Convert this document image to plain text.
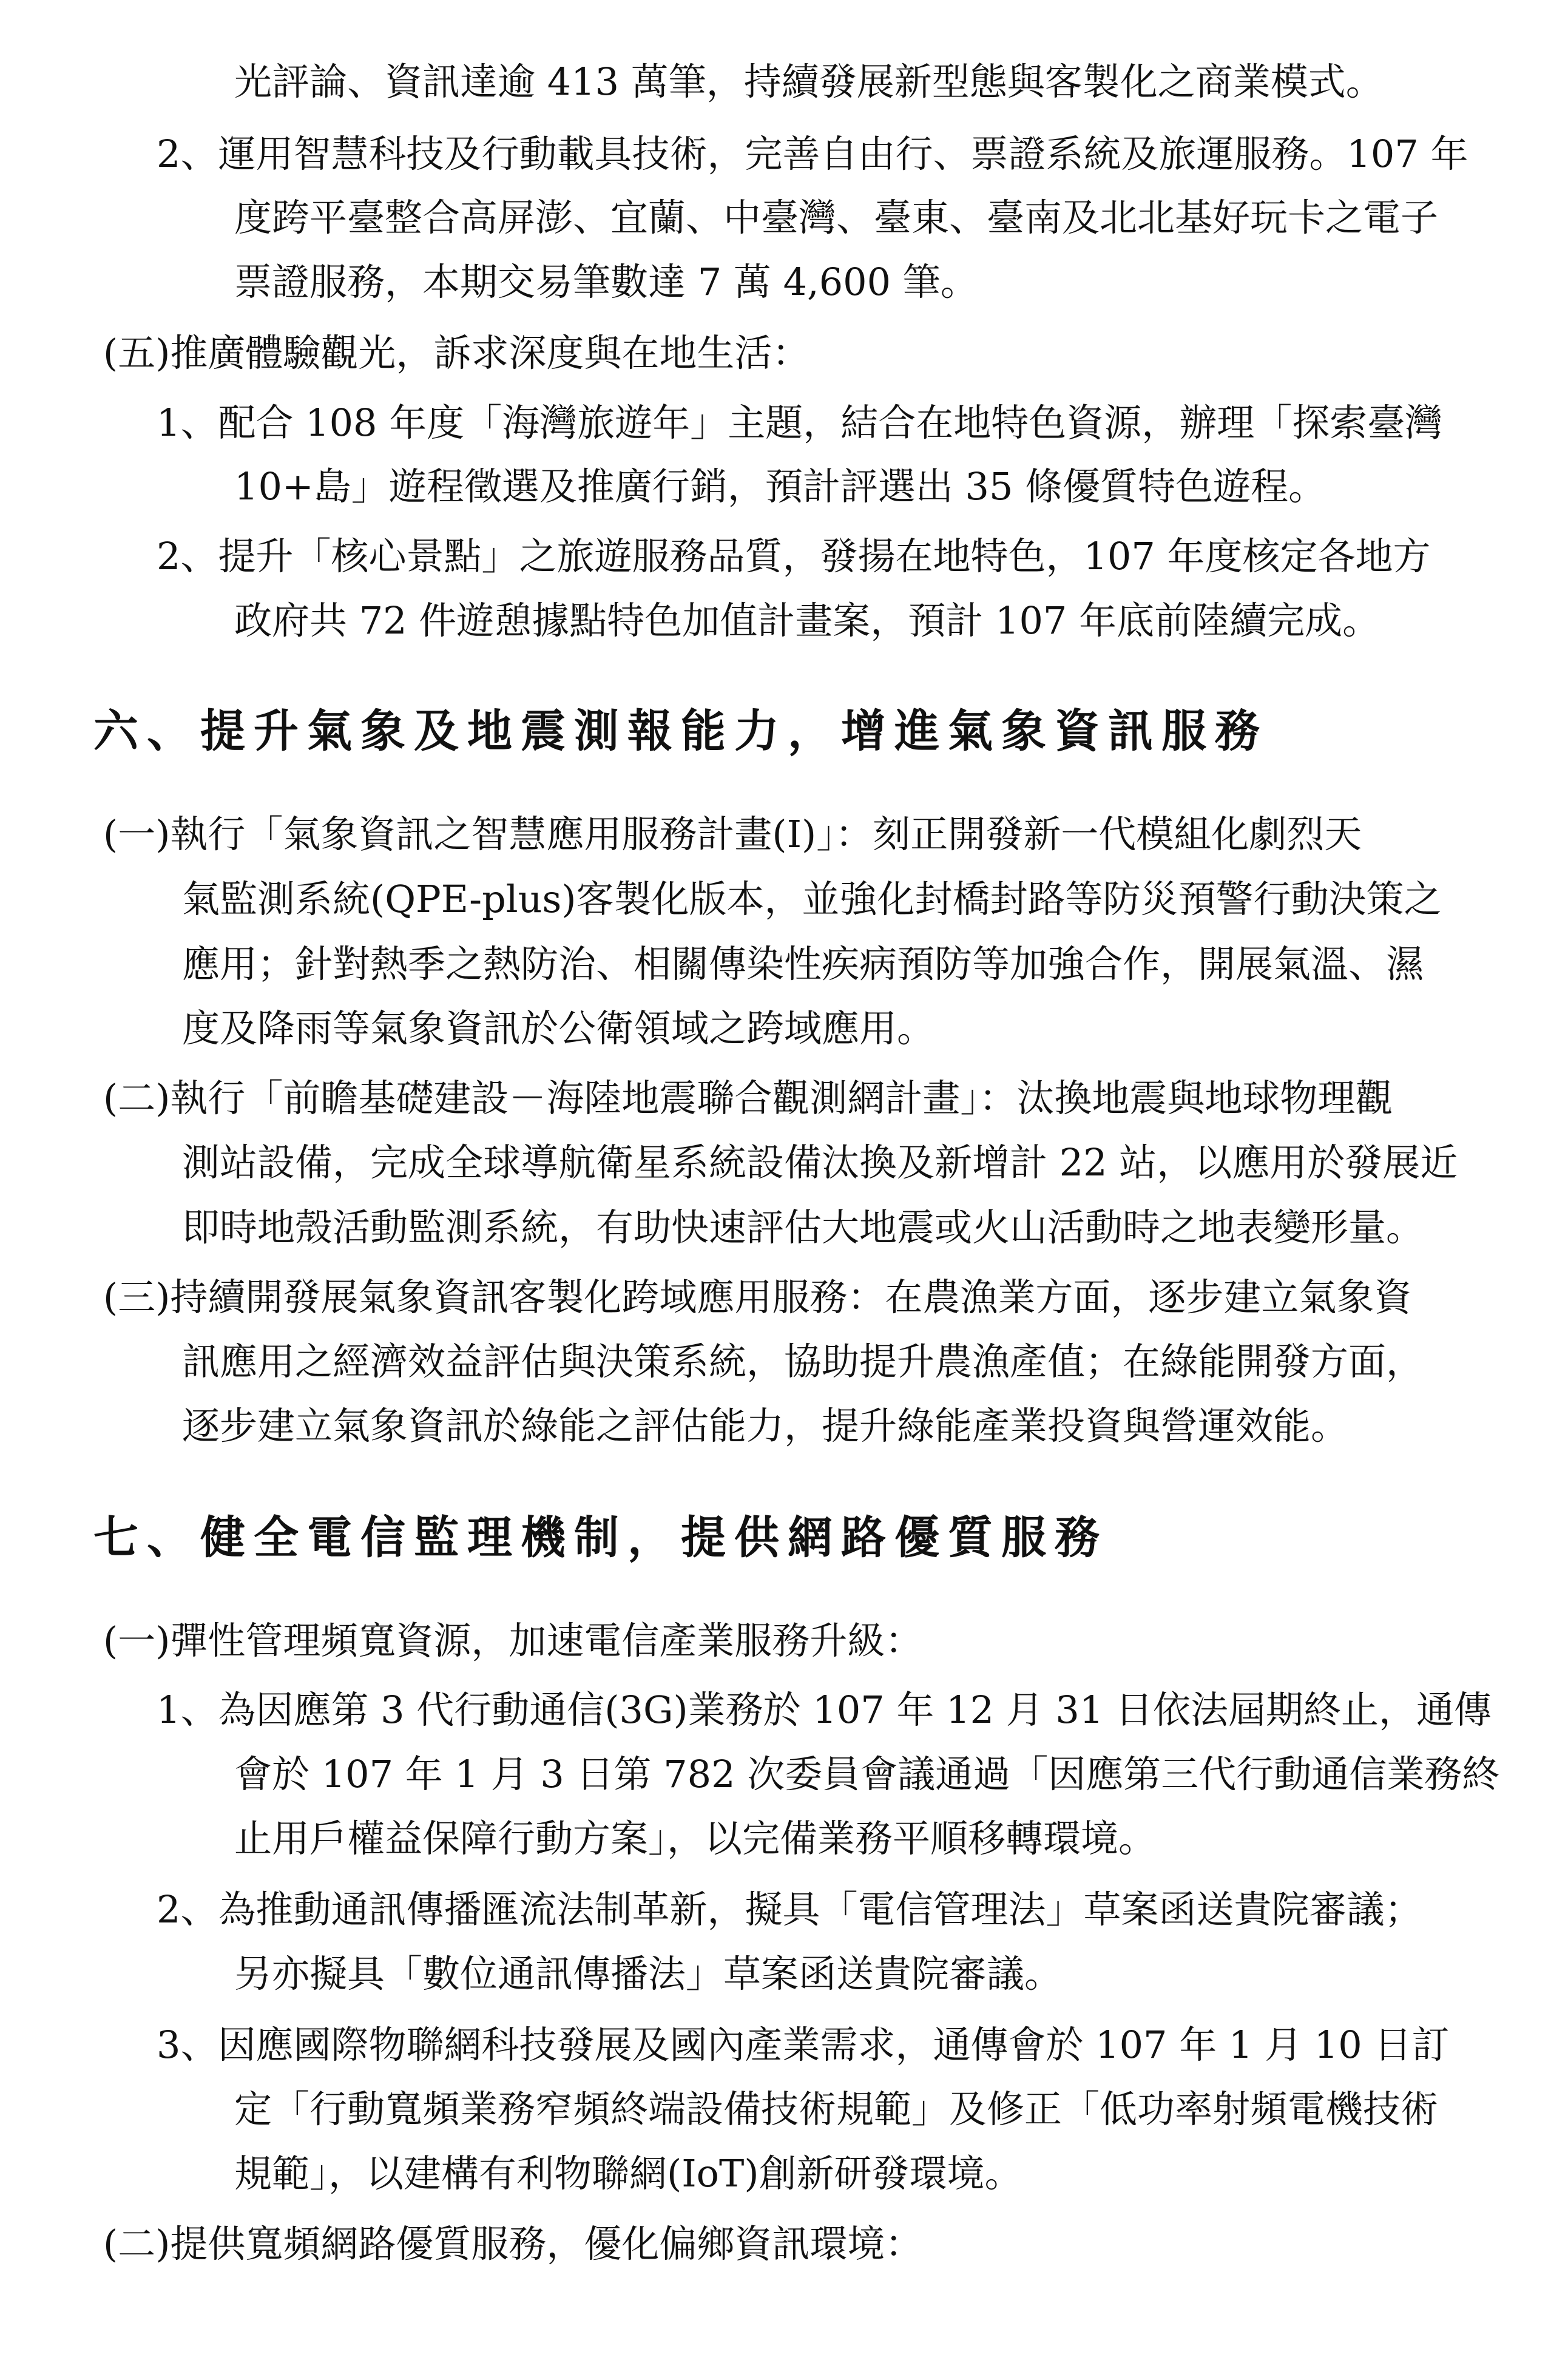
光評論、資訊達逾 413 萬筆，持續發展新型態與客製化之商業模式。
2、運用智慧科技及行動載具技術，完善自由行、票證系統及旅運服務。107 年
度跨平臺整合高屏澎、宜蘭、中臺灣、臺東、臺南及北北基好玩卡之電子
票證服務，本期交易筆數達 7 萬 4,600 筆。
(五)推廣體驗觀光，訴求深度與在地生活：
1、配合 108 年度「海灣旅遊年」主題，結合在地特色資源，辦理「探索臺灣
10+島」遊程徵選及推廣行銷，預計評選出 35 條優質特色遊程。
2、提升「核心景點」之旅遊服務品質，發揚在地特色，107 年度核定各地方
政府共 72 件遊憩據點特色加值計畫案，預計 107 年底前陸續完成。
六、提升氣象及地震測報能力，增進氣象資訊服務
(一)執行「氣象資訊之智慧應用服務計畫(Ⅰ)」：刻正開發新一代模組化劇烈天
氣監測系統(QPE-plus)客製化版本，並強化封橋封路等防災預警行動決策之
應用；針對熱季之熱防治、相關傳染性疾病預防等加強合作，開展氣溫、濕
度及降雨等氣象資訊於公衛領域之跨域應用。
(二)執行「前瞻基礎建設－海陸地震聯合觀測網計畫」：汰換地震與地球物理觀
測站設備，完成全球導航衛星系統設備汰換及新增計 22 站，以應用於發展近
即時地殼活動監測系統，有助快速評估大地震或火山活動時之地表變形量。
(三)持續開發展氣象資訊客製化跨域應用服務：在農漁業方面，逐步建立氣象資
訊應用之經濟效益評估與決策系統，協助提升農漁產值；在綠能開發方面，
逐步建立氣象資訊於綠能之評估能力，提升綠能產業投資與營運效能。
七、健全電信監理機制，提供網路優質服務
(一)彈性管理頻寬資源，加速電信產業服務升級：
1、為因應第 3 代行動通信(3G)業務於 107 年 12 月 31 日依法屆期終止，通傳
會於 107 年 1 月 3 日第 782 次委員會議通過「因應第三代行動通信業務終
止用戶權益保障行動方案」，以完備業務平順移轉環境。
2、為推動通訊傳播匯流法制革新，擬具「電信管理法」草案函送貴院審議；
另亦擬具「數位通訊傳播法」草案函送貴院審議。
3、因應國際物聯網科技發展及國內產業需求，通傳會於 107 年 1 月 10 日訂
定「行動寬頻業務窄頻終端設備技術規範」及修正「低功率射頻電機技術
規範」，以建構有利物聯網(IoT)創新研發環境。
(二)提供寬頻網路優質服務，優化偏鄉資訊環境：
